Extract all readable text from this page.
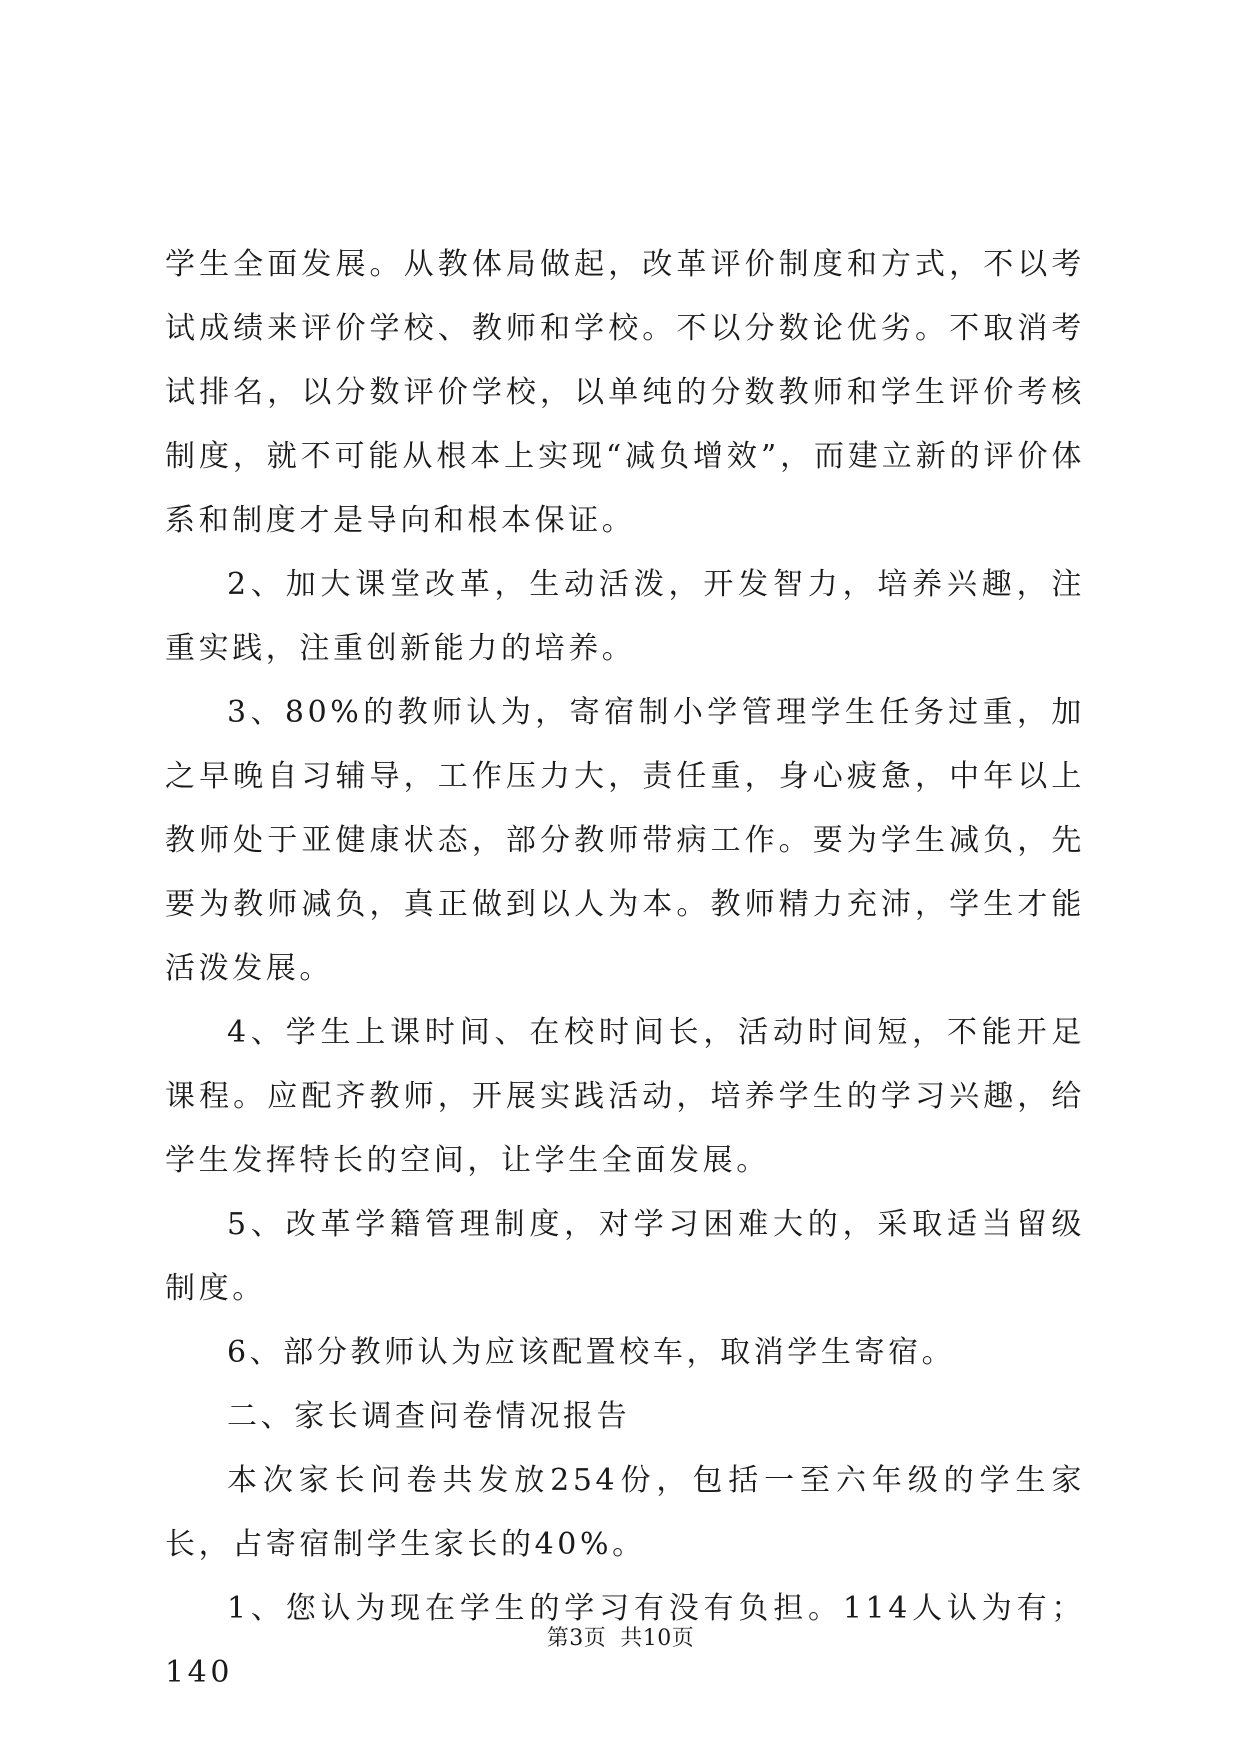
学生全面发展。从教体局做起，改革评价制度和方式，不以考试成绩来评价学校、教师和学校。不以分数论优劣。不取消考试排名，以分数评价学校，以单纯的分数教师和学生评价考核制度，就不可能从根本上实现“减负增效”，而建立新的评价体系和制度才是导向和根本保证。

2、加大课堂改革，生动活泼，开发智力，培养兴趣，注重实践，注重创新能力的培养。

3、80%的教师认为，寄宿制小学管理学生任务过重，加之早晚自习辅导，工作压力大，责任重，身心疲惫，中年以上教师处于亚健康状态，部分教师带病工作。要为学生减负，先要为教师减负，真正做到以人为本。教师精力充沛，学生才能活泼发展。

4、学生上课时间、在校时间长，活动时间短，不能开足课程。应配齐教师，开展实践活动，培养学生的学习兴趣，给学生发挥特长的空间，让学生全面发展。

5、改革学籍管理制度，对学习困难大的，采取适当留级制度。

6、部分教师认为应该配置校车，取消学生寄宿。

二、家长调查问卷情况报告

本次家长问卷共发放254份，包括一至六年级的学生家长，占寄宿制学生家长的40%。

1、您认为现在学生的学习有没有负担。114人认为有；140

第3页 共10页
